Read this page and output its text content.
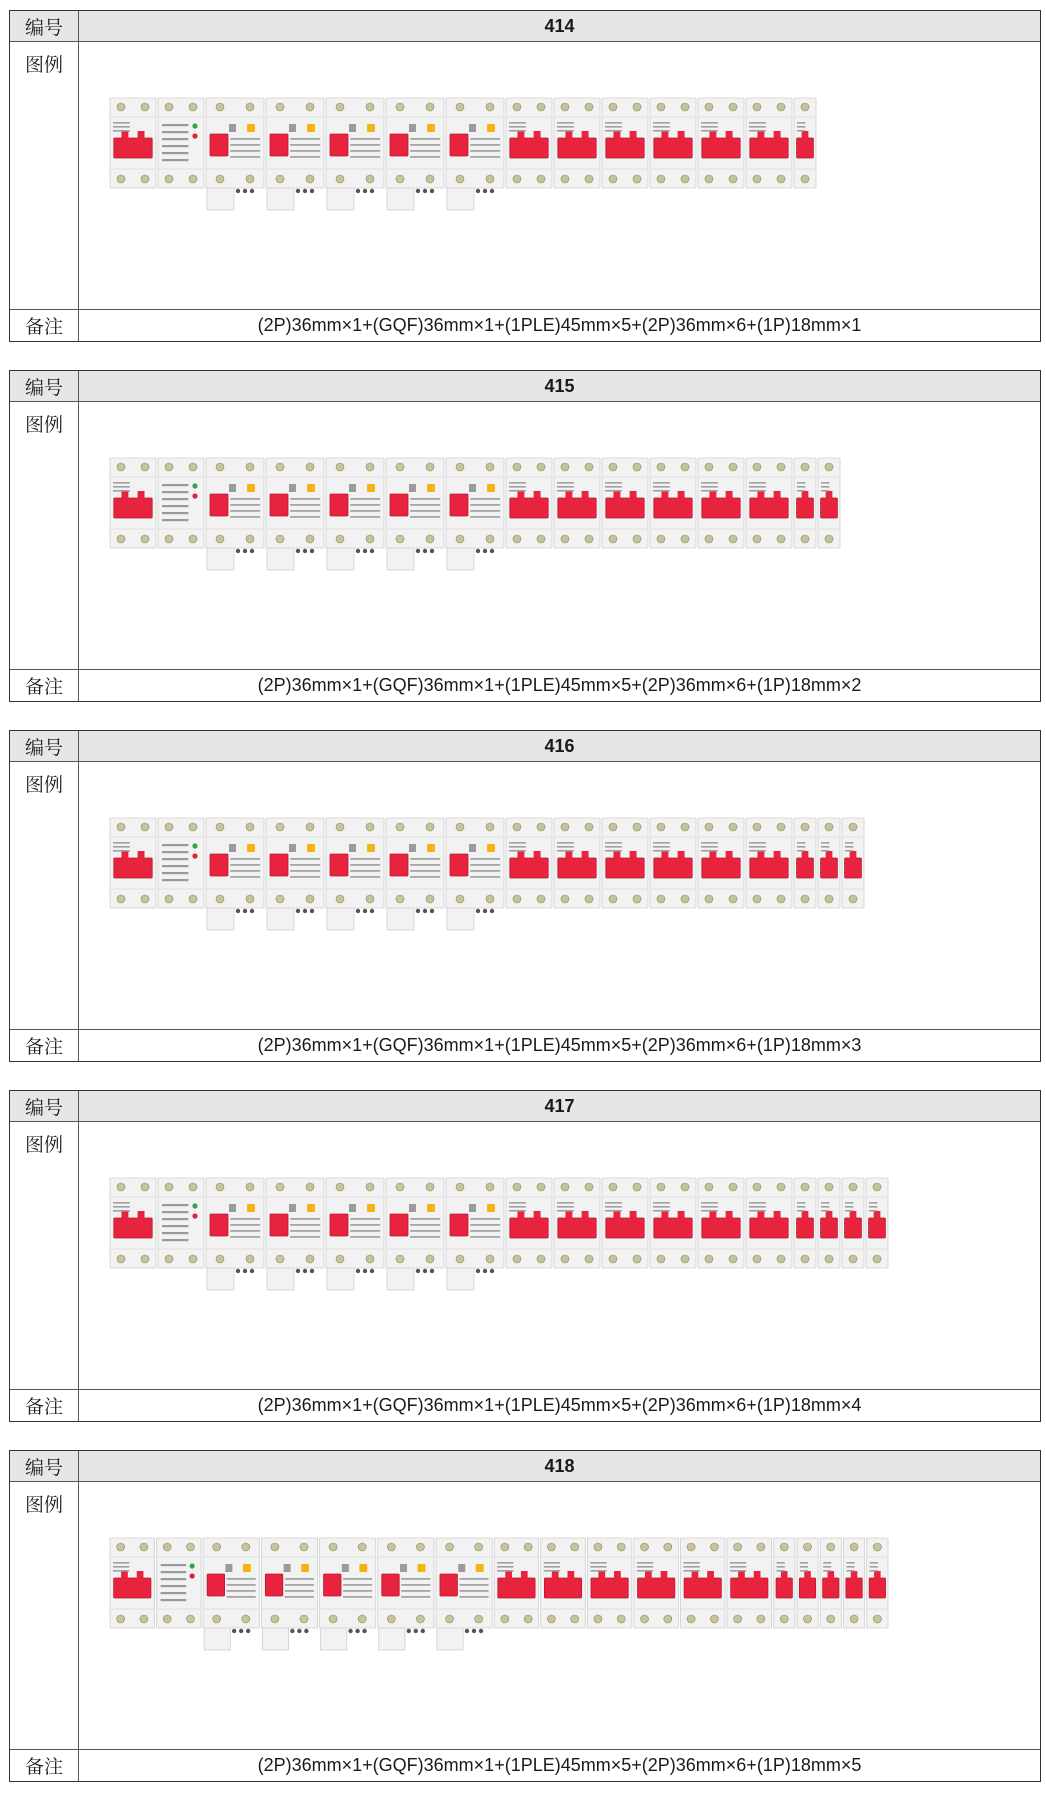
编号	414
图例
备注	(2P)36mm×1+(GQF)36mm×1+(1PLE)45mm×5+(2P)36mm×6+(1P)18mm×1
编号	415
图例
备注	(2P)36mm×1+(GQF)36mm×1+(1PLE)45mm×5+(2P)36mm×6+(1P)18mm×2
编号	416
图例
备注	(2P)36mm×1+(GQF)36mm×1+(1PLE)45mm×5+(2P)36mm×6+(1P)18mm×3
编号	417
图例
备注	(2P)36mm×1+(GQF)36mm×1+(1PLE)45mm×5+(2P)36mm×6+(1P)18mm×4
编号	418
图例
备注	(2P)36mm×1+(GQF)36mm×1+(1PLE)45mm×5+(2P)36mm×6+(1P)18mm×5
